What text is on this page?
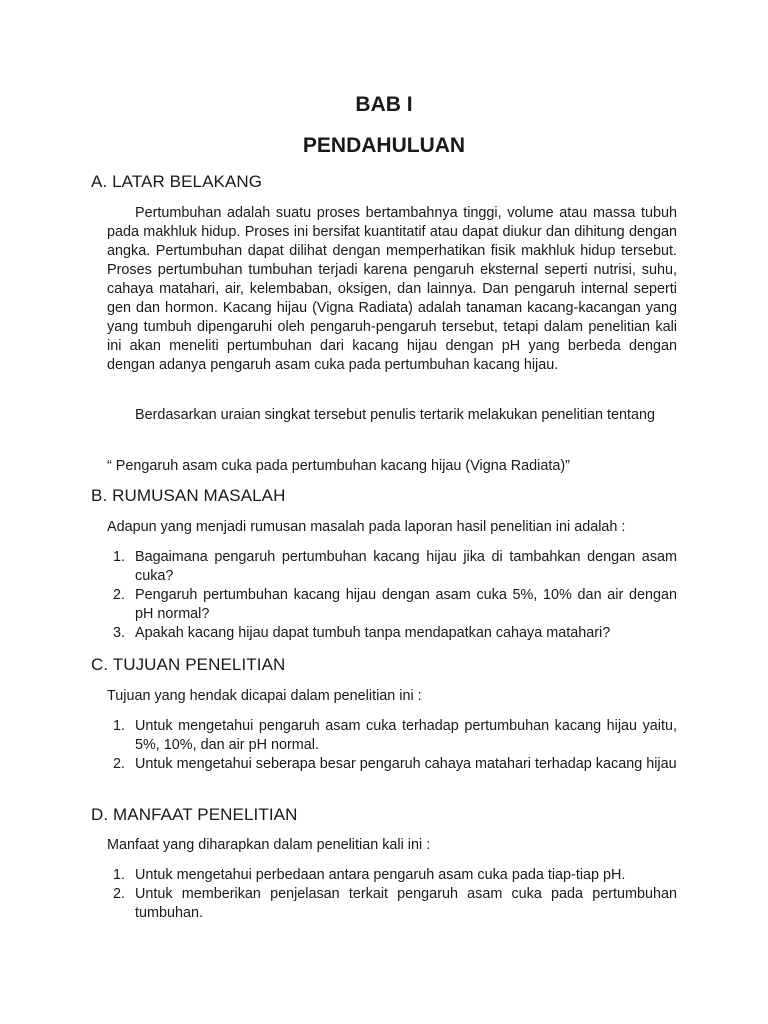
BAB I
PENDAHULUAN
A. LATAR BELAKANG

Pertumbuhan adalah suatu proses bertambahnya tinggi, volume atau massa tubuh pada makhluk hidup. Proses ini bersifat kuantitatif atau dapat diukur dan dihitung dengan angka. Pertumbuhan dapat dilihat dengan memperhatikan fisik makhluk hidup tersebut. Proses pertumbuhan tumbuhan terjadi karena pengaruh eksternal seperti nutrisi, suhu, cahaya matahari, air, kelembaban, oksigen, dan lainnya. Dan pengaruh internal seperti gen dan hormon. Kacang hijau (Vigna Radiata) adalah tanaman kacang-kacangan yang yang tumbuh dipengaruhi oleh pengaruh-pengaruh tersebut, tetapi dalam penelitian kali ini akan meneliti pertumbuhan dari kacang hijau dengan pH yang berbeda dengan dengan adanya pengaruh asam cuka pada pertumbuhan kacang hijau.

Berdasarkan uraian singkat tersebut penulis tertarik melakukan penelitian tentang

“ Pengaruh asam cuka pada pertumbuhan kacang hijau (Vigna Radiata)”

B. RUMUSAN MASALAH

Adapun yang menjadi rumusan masalah pada laporan hasil penelitian ini adalah :

1. Bagaimana pengaruh pertumbuhan kacang hijau jika di tambahkan dengan asam cuka?
2. Pengaruh pertumbuhan kacang hijau dengan asam cuka 5%, 10% dan air dengan pH normal?
3. Apakah kacang hijau dapat tumbuh tanpa mendapatkan cahaya matahari?
C. TUJUAN PENELITIAN

Tujuan yang hendak dicapai dalam penelitian ini :

1. Untuk mengetahui pengaruh asam cuka terhadap pertumbuhan kacang hijau yaitu, 5%, 10%, dan air pH normal.
2. Untuk mengetahui seberapa besar pengaruh cahaya matahari terhadap kacang hijau
D. MANFAAT PENELITIAN

Manfaat yang diharapkan dalam penelitian kali ini :

1. Untuk mengetahui perbedaan antara pengaruh asam cuka pada tiap-tiap pH.
2. Untuk memberikan penjelasan terkait pengaruh asam cuka pada pertumbuhan tumbuhan.
